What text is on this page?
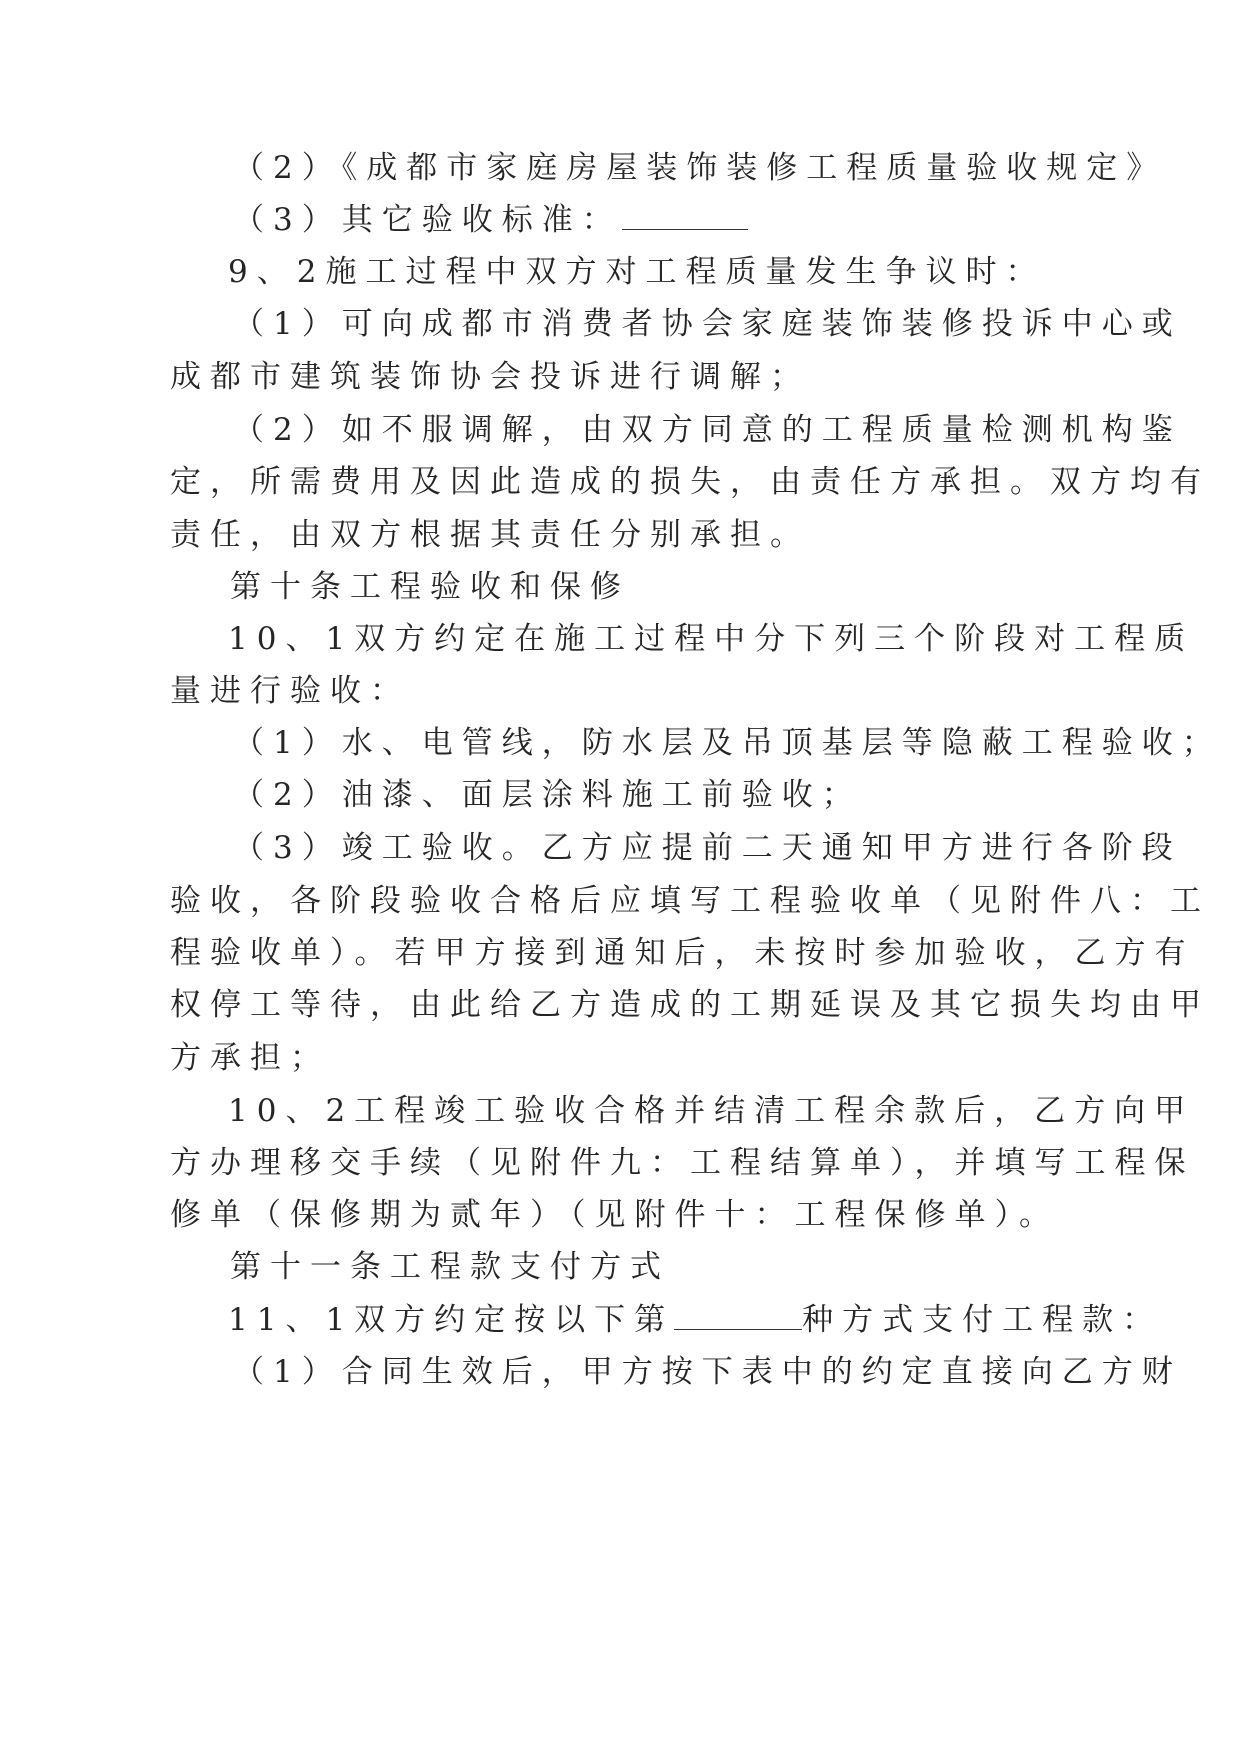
（2）《成都市家庭房屋装饰装修工程质量验收规定》
（3）其它验收标准：
9、2施工过程中双方对工程质量发生争议时：
（1）可向成都市消费者协会家庭装饰装修投诉中心或
成都市建筑装饰协会投诉进行调解；
（2）如不服调解，由双方同意的工程质量检测机构鉴
定，所需费用及因此造成的损失，由责任方承担。双方均有
责任，由双方根据其责任分别承担。
第十条工程验收和保修
10、1双方约定在施工过程中分下列三个阶段对工程质
量进行验收：
（1）水、电管线，防水层及吊顶基层等隐蔽工程验收；
（2）油漆、面层涂料施工前验收；
（3）竣工验收。乙方应提前二天通知甲方进行各阶段
验收，各阶段验收合格后应填写工程验收单（见附件八：工
程验收单）。若甲方接到通知后，未按时参加验收，乙方有
权停工等待，由此给乙方造成的工期延误及其它损失均由甲
方承担；
10、2工程竣工验收合格并结清工程余款后，乙方向甲
方办理移交手续（见附件九：工程结算单），并填写工程保
修单（保修期为贰年）（见附件十：工程保修单）。
第十一条工程款支付方式
11、1双方约定按以下第	种方式支付工程款：
（1）合同生效后，甲方按下表中的约定直接向乙方财
